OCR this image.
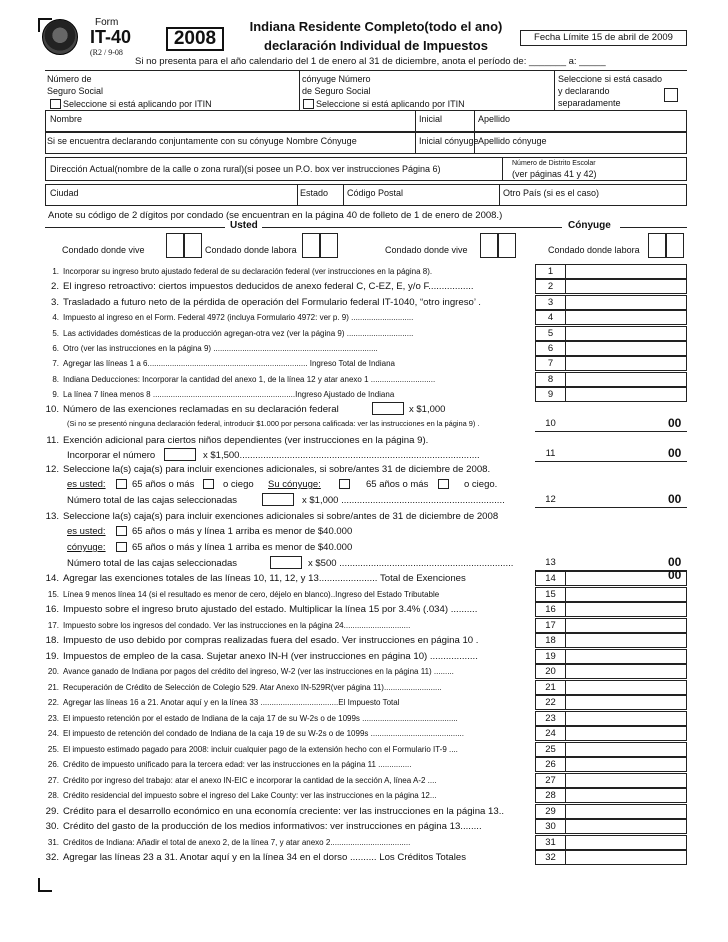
Form
IT-40
(R2 / 9-08
2008
Indiana Residente Completo(todo el ano)
declaración Individual de Impuestos
Fecha Límite 15 de abril de 2009
Si no presenta para el año calendario del 1 de enero al 31 de diciembre, anota el período de: _______ a: _____
Número de
Seguro Social
Seleccione si está aplicando por ITIN
cónyuge Número
de Seguro Social
Seleccione si está aplicando por ITIN
Seleccione si está casado
y declarando
separadamente
Nombre	Inicial	Apellido
Si se encuentra declarando conjuntamente con su cónyuge Nombre Cónyuge	Inicial cónyuge Apellido cónyuge
Dirección Actual(nombre de la calle o zona rural)(si posee un P.O. box ver instrucciones Página 6)
Número de Distrito Escolar
(ver páginas 41 y 42)
Ciudad	Estado Código Postal	Otro País (si es el caso)
Anote su código de 2 dígitos por condado (se encuentran en la página 40 de folleto de 1 de enero de 2008.)
Usted	Cónyuge
Condado donde vive	Condado donde labora	Condado donde vive	Condado donde labora
1. Incorporar su ingreso bruto ajustado federal de su declaración federal (ver instrucciones en la página 8).	1
2. El ingreso retroactivo: ciertos impuestos deducidos de anexo federal C, C-EZ, E, y/o F.................	2
3. Trasladado a futuro neto de la pérdida de operación del Formulario federal IT-1040, “otro ingreso’ .	3
4. Impuesto al ingreso en el Form. Federal 4972 (incluya Formulario 4972: ver p. 9) ............................	4
5. Las actividades domésticas de la producción agregan-otra vez (ver la página 9) ..............................	5
6. Otro (ver las instrucciones en la página 9) ..........................................................................	6
7. Agregar las líneas 1 a 6........................................................................ Ingreso Total de Indiana	7
8. Indiana Deducciones: Incorporar la cantidad del anexo 1, de la línea 12 y atar anexo 1 .............................	8
9. La línea 7 línea menos 8 ................................................................Ingreso Ajustado de Indiana	9
10. Número de las exenciones reclamadas en su declaración federal	x $1,000
(Si no se presentó ninguna declaración federal, introducir $1.000 por persona calificada: ver las instrucciones en la página 9) .	10	00
11. Exención adicional para ciertos niños dependientes (ver instrucciones en la página 9).
Incorporar el número	x $1,500...........................................................................................	11	00
12. Seleccione la(s) caja(s) para incluir exenciones adicionales, si sobre/antes 31 de diciembre de 2008.
es usted:	65 años o más	o ciego Su cónyuge:	65 años o más	o ciego.
Número total de las cajas seleccionadas	x $1,000 ..............................................................	12	00
13. Seleccione la(s) caja(s) para incluir exenciones adicionales si sobre/antes de 31 de diciembre de 2008
es usted:	65 años o más y línea 1 arriba es menor de $40.000
cónyuge:	65 años o más y línea 1 arriba es menor de $40.000
Número total de las cajas seleccionadas	x $500 ..................................................................	13	00
14. Agregar las exenciones totales de las líneas 10, 11, 12, y 13...................... Total de Exenciones	14	00
15. Línea 9 menos línea 14 (si el resultado es menor de cero, déjelo en blanco)..Ingreso del Estado Tributable	15
16. Impuesto sobre el ingreso bruto ajustado del estado. Multiplicar la línea 15 por 3.4% (.034) ..........	16
17. Impuesto sobre los ingresos del condado. Ver las instrucciones en la página 24..............................	17
18. Impuesto de uso debido por compras realizadas fuera del esado. Ver instrucciones en página 10 .	18
19. Impuestos de empleo de la casa. Sujetar anexo IN-H (ver instrucciones en página 10) ..................	19
20. Avance ganado de Indiana por pagos del crédito del ingreso, W-2 (ver las instrucciones en la página 11) .........	20
21. Recuperación de Crédito de Selección de Colegio 529. Atar Anexo IN-529R(ver página 11)..........................	21
22. Agregar las líneas 16 a 21. Anotar aquí y en la línea 33 ...................................El Impuesto Total	22
23. El impuesto retención por el estado de Indiana de la caja 17 de su W-2s o de 1099s ...........................................	23
24. El impuesto de retención del condado de Indiana de la caja 19 de su W-2s o de 1099s ..........................................	24
25. El impuesto estimado pagado para 2008: incluir cualquier pago de la extensión hecho con el Formulario IT-9 ....	25
26. Crédito de impuesto unificado para la tercera edad: ver las instrucciones en la página 11 ...............	26
27. Crédito por ingreso del trabajo: atar el anexo IN-EIC e incorporar la cantidad de la sección A, línea A-2 ....	27
28. Crédito residencial del impuesto sobre el ingreso del Lake County: ver las instrucciones en la página 12...	28
29. Crédito para el desarrollo económico en una economía creciente: ver las instrucciones en la página 13..	29
30. Crédito del gasto de la producción de los medios informativos: ver instrucciones en página 13........	30
31. Créditos de Indiana: Añadir el total de anexo 2, de la línea 7, y atar anexo 2....................................	31
32. Agregar las líneas 23 a 31. Anotar aquí y en la línea 34 en el dorso .......... Los Créditos Totales	32
